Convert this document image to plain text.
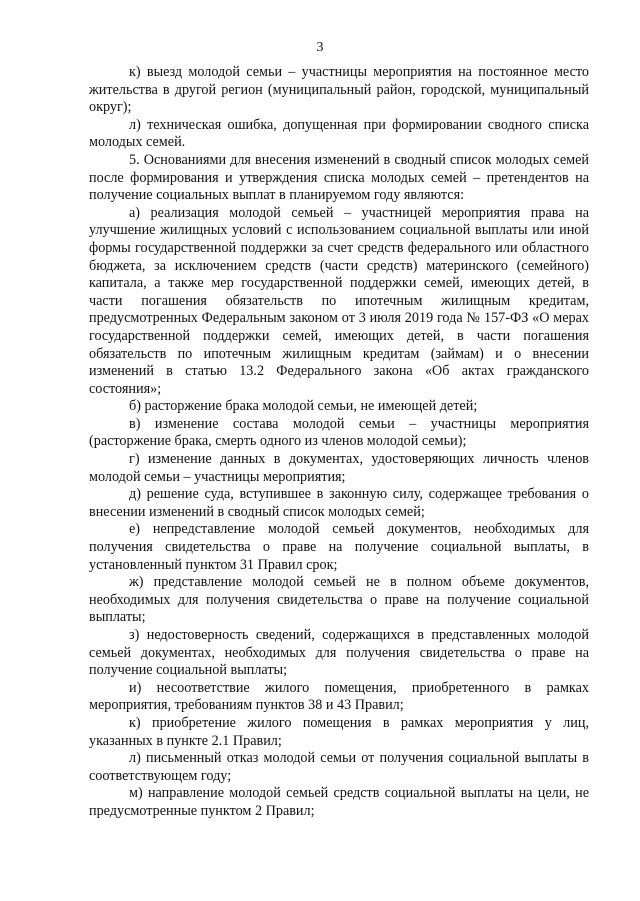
3

к) выезд молодой семьи – участницы мероприятия на постоянное место жительства в другой регион (муниципальный район, городской, муниципальный округ);

л) техническая ошибка, допущенная при формировании сводного списка молодых семей.

5. Основаниями для внесения изменений в сводный список молодых семей после формирования и утверждения списка молодых семей – претендентов на получение социальных выплат в планируемом году являются:

а) реализация молодой семьей – участницей мероприятия права на улучшение жилищных условий с использованием социальной выплаты или иной формы государственной поддержки за счет средств федерального или областного бюджета, за исключением средств (части средств) материнского (семейного) капитала, а также мер государственной поддержки семей, имеющих детей, в части погашения обязательств по ипотечным жилищным кредитам, предусмотренных Федеральным законом от 3 июля 2019 года № 157-ФЗ «О мерах государственной поддержки семей, имеющих детей, в части погашения обязательств по ипотечным жилищным кредитам (займам) и о внесении изменений в статью 13.2 Федерального закона «Об актах гражданского состояния»;

б) расторжение брака молодой семьи, не имеющей детей;

в) изменение состава молодой семьи – участницы мероприятия (расторжение брака, смерть одного из членов молодой семьи);

г) изменение данных в документах, удостоверяющих личность членов молодой семьи – участницы мероприятия;

д) решение суда, вступившее в законную силу, содержащее требования о внесении изменений в сводный список молодых семей;

е) непредставление молодой семьей документов, необходимых для получения свидетельства о праве на получение социальной выплаты, в установленный пунктом 31 Правил срок;

ж) представление молодой семьей не в полном объеме документов, необходимых для получения свидетельства о праве на получение социальной выплаты;

з) недостоверность сведений, содержащихся в представленных молодой семьей документах, необходимых для получения свидетельства о праве на получение социальной выплаты;

и) несоответствие жилого помещения, приобретенного в рамках мероприятия, требованиям пунктов 38 и 43 Правил;

к) приобретение жилого помещения в рамках мероприятия у лиц, указанных в пункте 2.1 Правил;

л) письменный отказ молодой семьи от получения социальной выплаты в соответствующем году;

м) направление молодой семьей средств социальной выплаты на цели, не предусмотренные пунктом 2 Правил;
